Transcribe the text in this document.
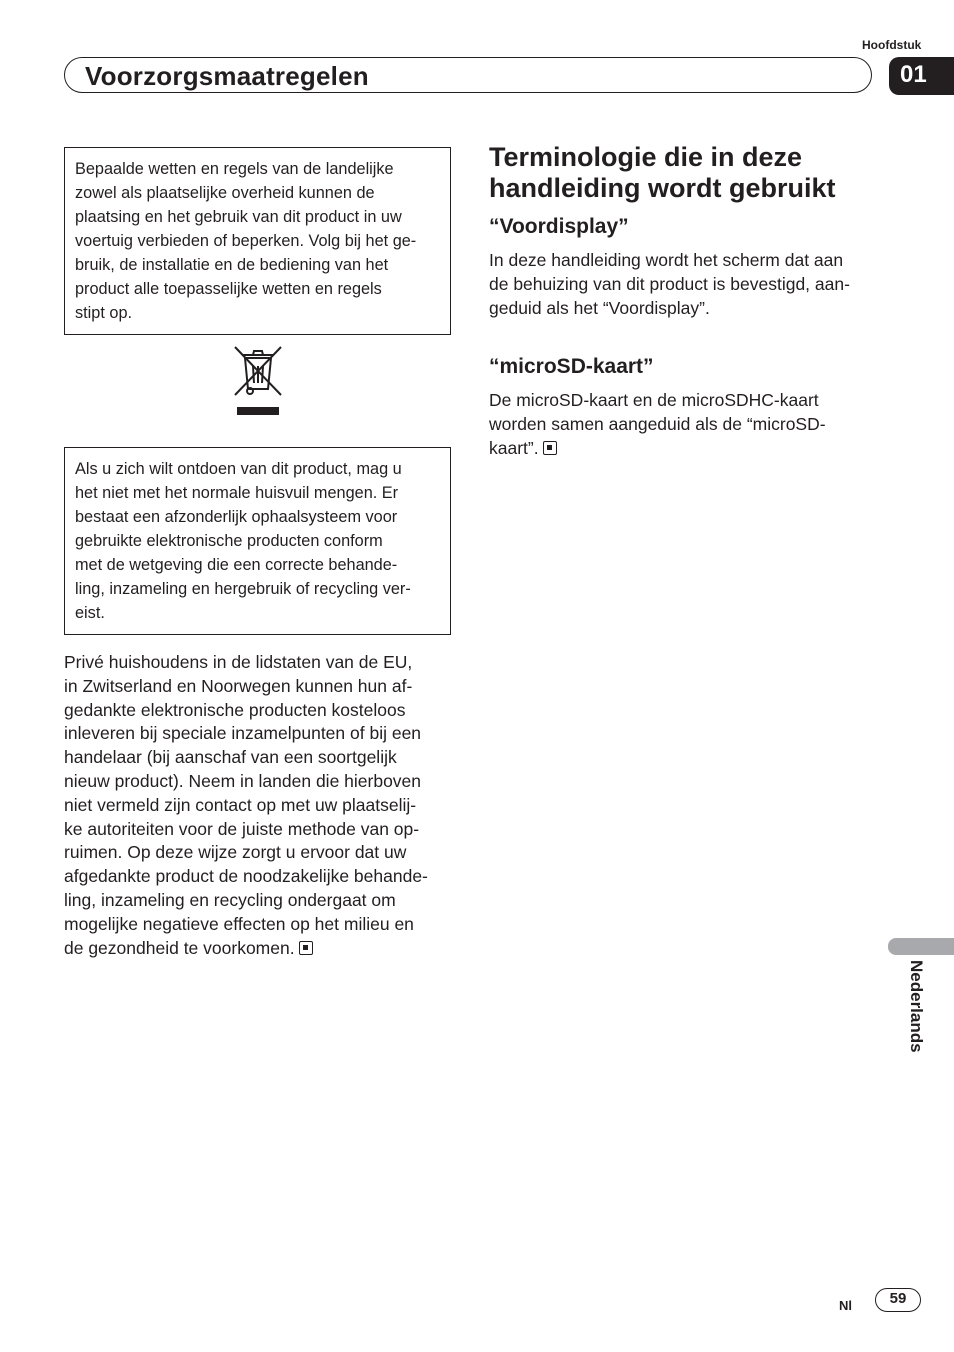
Hoofdstuk
Voorzorgsmaatregelen	01
Bepaalde wetten en regels van de landelijke
zowel als plaatselijke overheid kunnen de
plaatsing en het gebruik van dit product in uw
voertuig verbieden of beperken. Volg bij het ge-
bruik, de installatie en de bediening van het
product alle toepasselijke wetten en regels
stipt op.
Als u zich wilt ontdoen van dit product, mag u
het niet met het normale huisvuil mengen. Er
bestaat een afzonderlijk ophaalsysteem voor
gebruikte elektronische producten conform
met de wetgeving die een correcte behande-
ling, inzameling en hergebruik of recycling ver-
eist.
Privé huishoudens in de lidstaten van de EU,
in Zwitserland en Noorwegen kunnen hun af-
gedankte elektronische producten kosteloos
inleveren bij speciale inzamelpunten of bij een
handelaar (bij aanschaf van een soortgelijk
nieuw product). Neem in landen die hierboven
niet vermeld zijn contact op met uw plaatselij-
ke autoriteiten voor de juiste methode van op-
ruimen. Op deze wijze zorgt u ervoor dat uw
afgedankte product de noodzakelijke behande-
ling, inzameling en recycling ondergaat om
mogelijke negatieve effecten op het milieu en
de gezondheid te voorkomen.
Terminologie die in deze
handleiding wordt gebruikt
“Voordisplay”
In deze handleiding wordt het scherm dat aan
de behuizing van dit product is bevestigd, aan-
geduid als het “Voordisplay”.
“microSD-kaart”
De microSD-kaart en de microSDHC-kaart
worden samen aangeduid als de “microSD-
kaart”.
Nederlands
Nl	59
